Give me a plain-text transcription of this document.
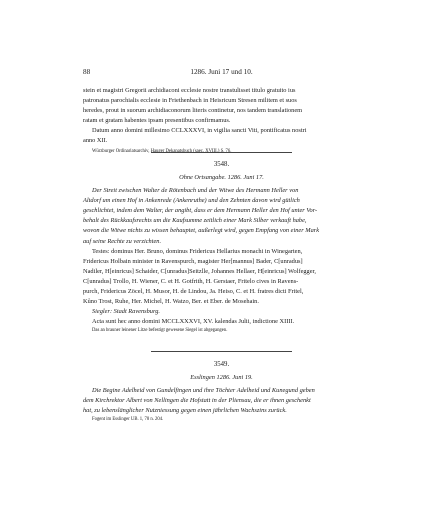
88	1286. Juni 17 und 10.

stein et magistri Gregorii archidiaconi ecclesie nostre transtulisset titulo gratuito ius

patronatus parochialis ecclesie in Friethenbach in Heisricum Stresen militem et suos

heredes, prout in suorum archidiaconorum literis continetur, nos tandem translationem

ratam et gratam habentes ipsam presentibus confirmamus.

Datum anno domini millesimo CCLXXXVI, in vigilia sancti Viti, pontificatus nostri

anno XII.

Würzburger Ordinariatsarchiv, Hauger Dekanatsbuch (saec. XVIII.) S. 76.

3548.

Ohne Ortsangabe. 1286. Juni 17.

Der Streit zwischen Walter de Rötenbach und der Witwe des Hermann Heller von

Altdorf um einen Hof in Ankenrede (Ankenruthe) und den Zehnten davon wird gütlich

geschlichtet, indem dem Walter, der angibt, dass er dem Hermann Heller den Hof unter Vor-

behalt des Rückkaufsrechts um die Kaufsumme zeitlich einer Mark Silber verkauft habe,

wovon die Witwe nichts zu wissen behauptet, außerlegt wird, gegen Empfang von einer Mark

auf seine Rechte zu verzichten.

Testes: dominus Her. Bruno, dominus Fridericus Hellarius monachi in Winegarten,

Fridericus Holbain minister in Ravenspurch, magister Her[mannus] Bader, C[unradus]

Nadiler, H[einricus] Schaider, C[unradus]Seitzlle, Johannes Hellaer, H[einricus] Wolfegger,

C[unradus] Trollo, H. Wiener, C. et H. Gotfrith, H. Gerstaer, Fritelo cives in Ravens-

purch, Fridericus Zöcel, H. Musor, H. de Lindou, Ja. Heiso, C. et H. fratres dicti Fritel,

Kůno Trost, Ruhe, Her. Michel, H. Watzo, Ber. et Eber. de Mosehain.

Siegler: Stadt Ravensburg.

Acta sunt hec anno domini MCCLXXXVI, XV. kalendas Julii, indictione XIIII.

Das an brauner leinener Litze befestigt gewesene Siegel ist abgegangen.

3549.

Esslingen 1286. Juni 19.

Die Begine Adelheid von Gundelfingen und ihre Töchter Adelheid und Kunegund geben

dem Kirchrektor Albert von Nellingen die Hofstatt in der Pliensau, die er ihnen geschenkt

hat, zu lebenslänglicher Nutzniessung gegen einen jährlichen Wachszins zurück.

Fogent im Esslinger UB. 1, 78 n. 204.
